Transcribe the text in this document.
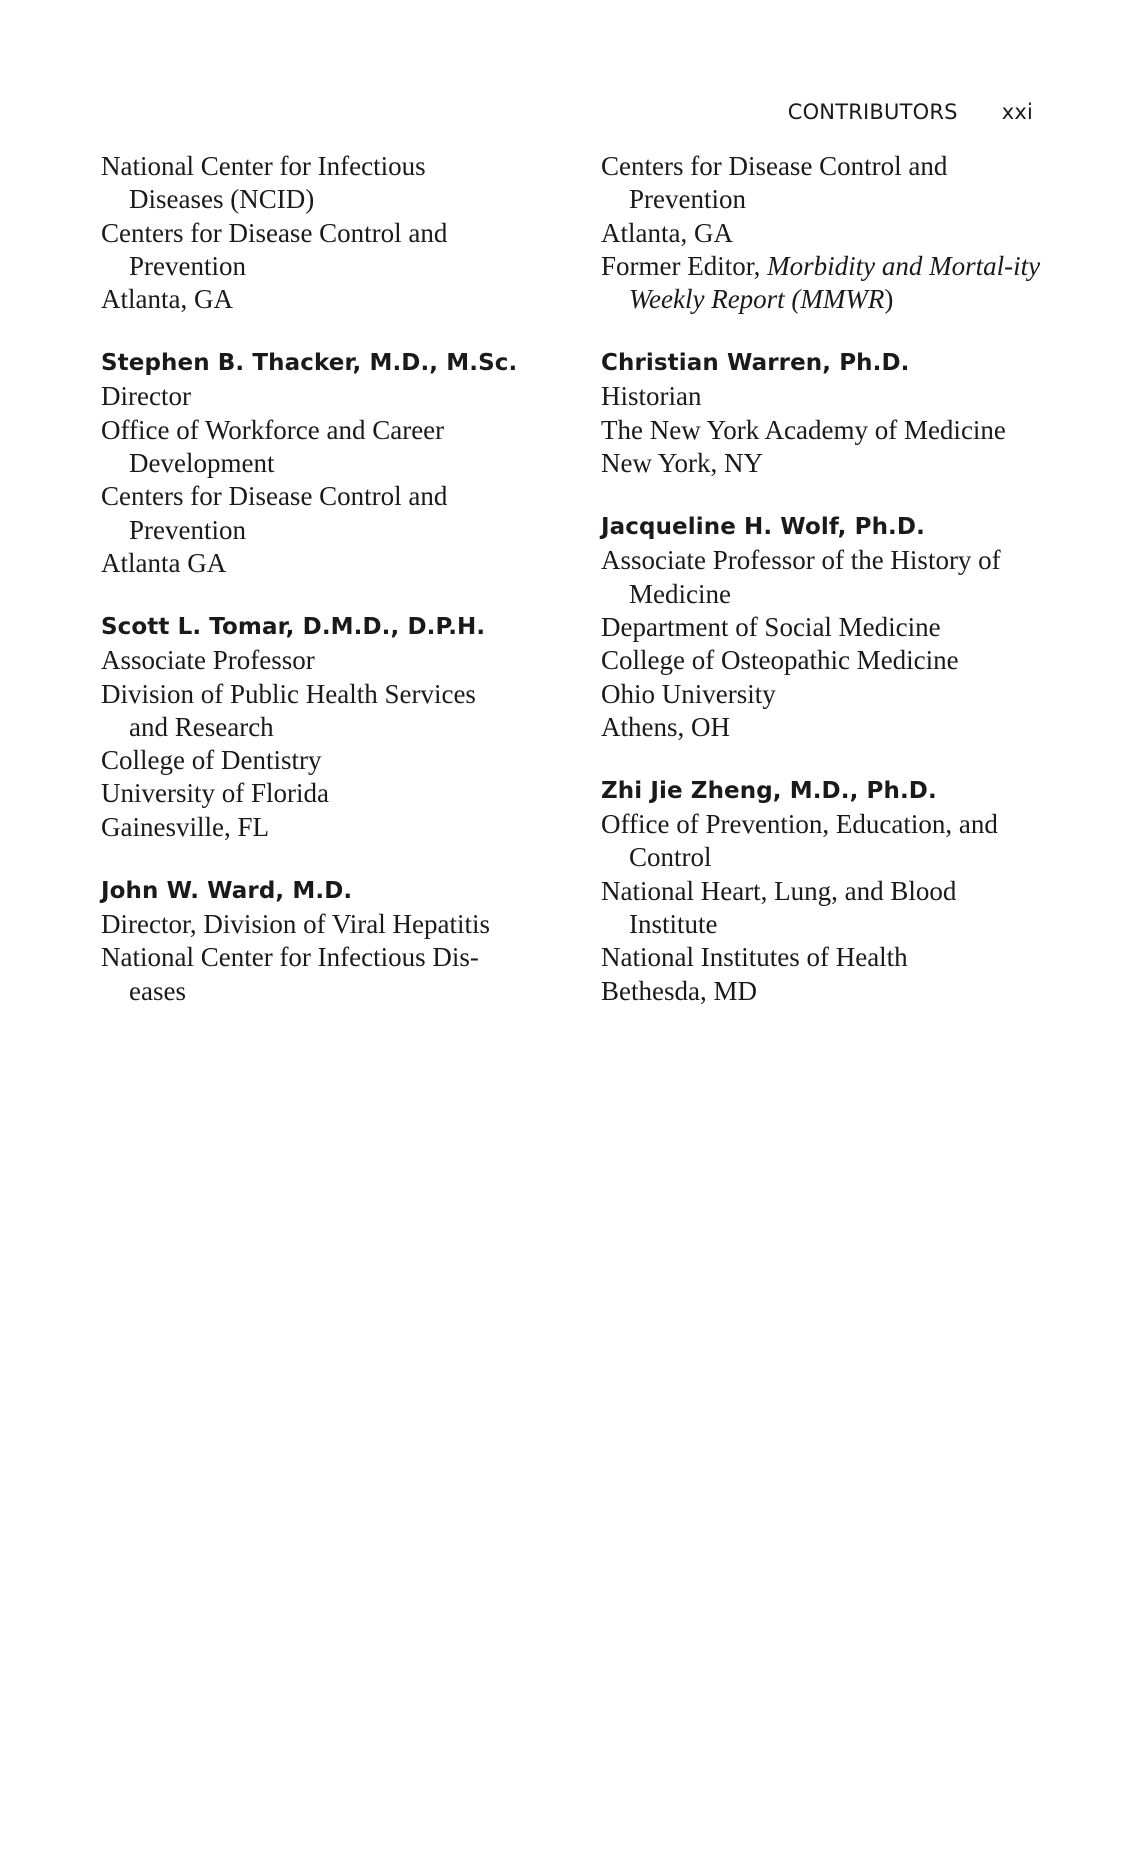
CONTRIBUTORS xxi
National Center for Infectious Diseases (NCID)
Centers for Disease Control and Prevention
Atlanta, GA
Stephen B. Thacker, M.D., M.Sc.
Director
Office of Workforce and Career Development
Centers for Disease Control and Prevention
Atlanta GA
Scott L. Tomar, D.M.D., D.P.H.
Associate Professor
Division of Public Health Services and Research
College of Dentistry
University of Florida
Gainesville, FL
John W. Ward, M.D.
Director, Division of Viral Hepatitis
National Center for Infectious Dis-eases
Centers for Disease Control and Prevention
Atlanta, GA
Former Editor, Morbidity and Mortal-ity Weekly Report (MMWR)
Christian Warren, Ph.D.
Historian
The New York Academy of Medicine
New York, NY
Jacqueline H. Wolf, Ph.D.
Associate Professor of the History of Medicine
Department of Social Medicine
College of Osteopathic Medicine
Ohio University
Athens, OH
Zhi Jie Zheng, M.D., Ph.D.
Office of Prevention, Education, and Control
National Heart, Lung, and Blood Institute
National Institutes of Health
Bethesda, MD
